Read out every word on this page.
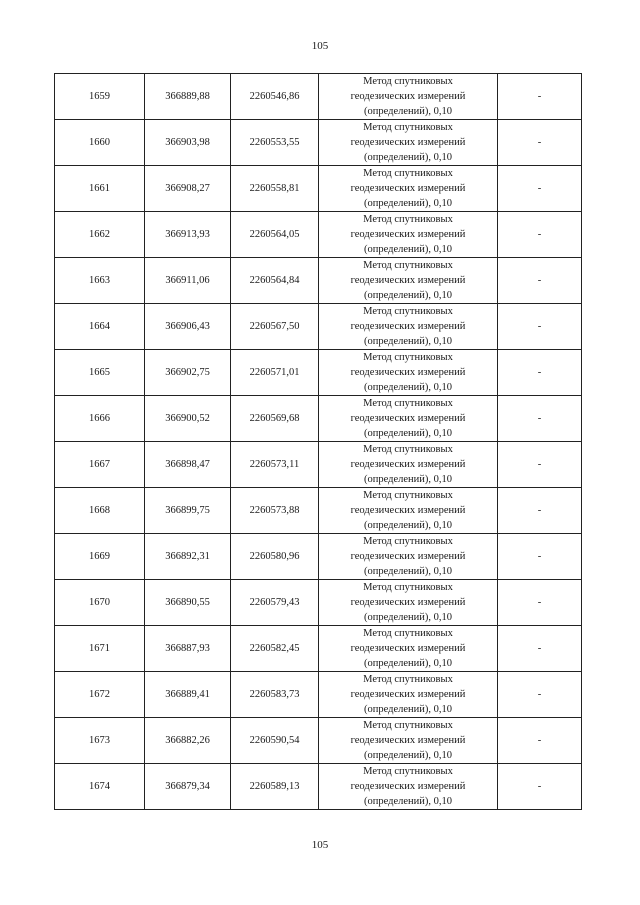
105
1659	366889,88	2260546,86	Метод спутниковых
геодезических измерений
(определений), 0,10	-
1660	366903,98	2260553,55	Метод спутниковых
геодезических измерений
(определений), 0,10	-
1661	366908,27	2260558,81	Метод спутниковых
геодезических измерений
(определений), 0,10	-
1662	366913,93	2260564,05	Метод спутниковых
геодезических измерений
(определений), 0,10	-
1663	366911,06	2260564,84	Метод спутниковых
геодезических измерений
(определений), 0,10	-
1664	366906,43	2260567,50	Метод спутниковых
геодезических измерений
(определений), 0,10	-
1665	366902,75	2260571,01	Метод спутниковых
геодезических измерений
(определений), 0,10	-
1666	366900,52	2260569,68	Метод спутниковых
геодезических измерений
(определений), 0,10	-
1667	366898,47	2260573,11	Метод спутниковых
геодезических измерений
(определений), 0,10	-
1668	366899,75	2260573,88	Метод спутниковых
геодезических измерений
(определений), 0,10	-
1669	366892,31	2260580,96	Метод спутниковых
геодезических измерений
(определений), 0,10	-
1670	366890,55	2260579,43	Метод спутниковых
геодезических измерений
(определений), 0,10	-
1671	366887,93	2260582,45	Метод спутниковых
геодезических измерений
(определений), 0,10	-
1672	366889,41	2260583,73	Метод спутниковых
геодезических измерений
(определений), 0,10	-
1673	366882,26	2260590,54	Метод спутниковых
геодезических измерений
(определений), 0,10	-
1674	366879,34	2260589,13	Метод спутниковых
геодезических измерений
(определений), 0,10	-
105
